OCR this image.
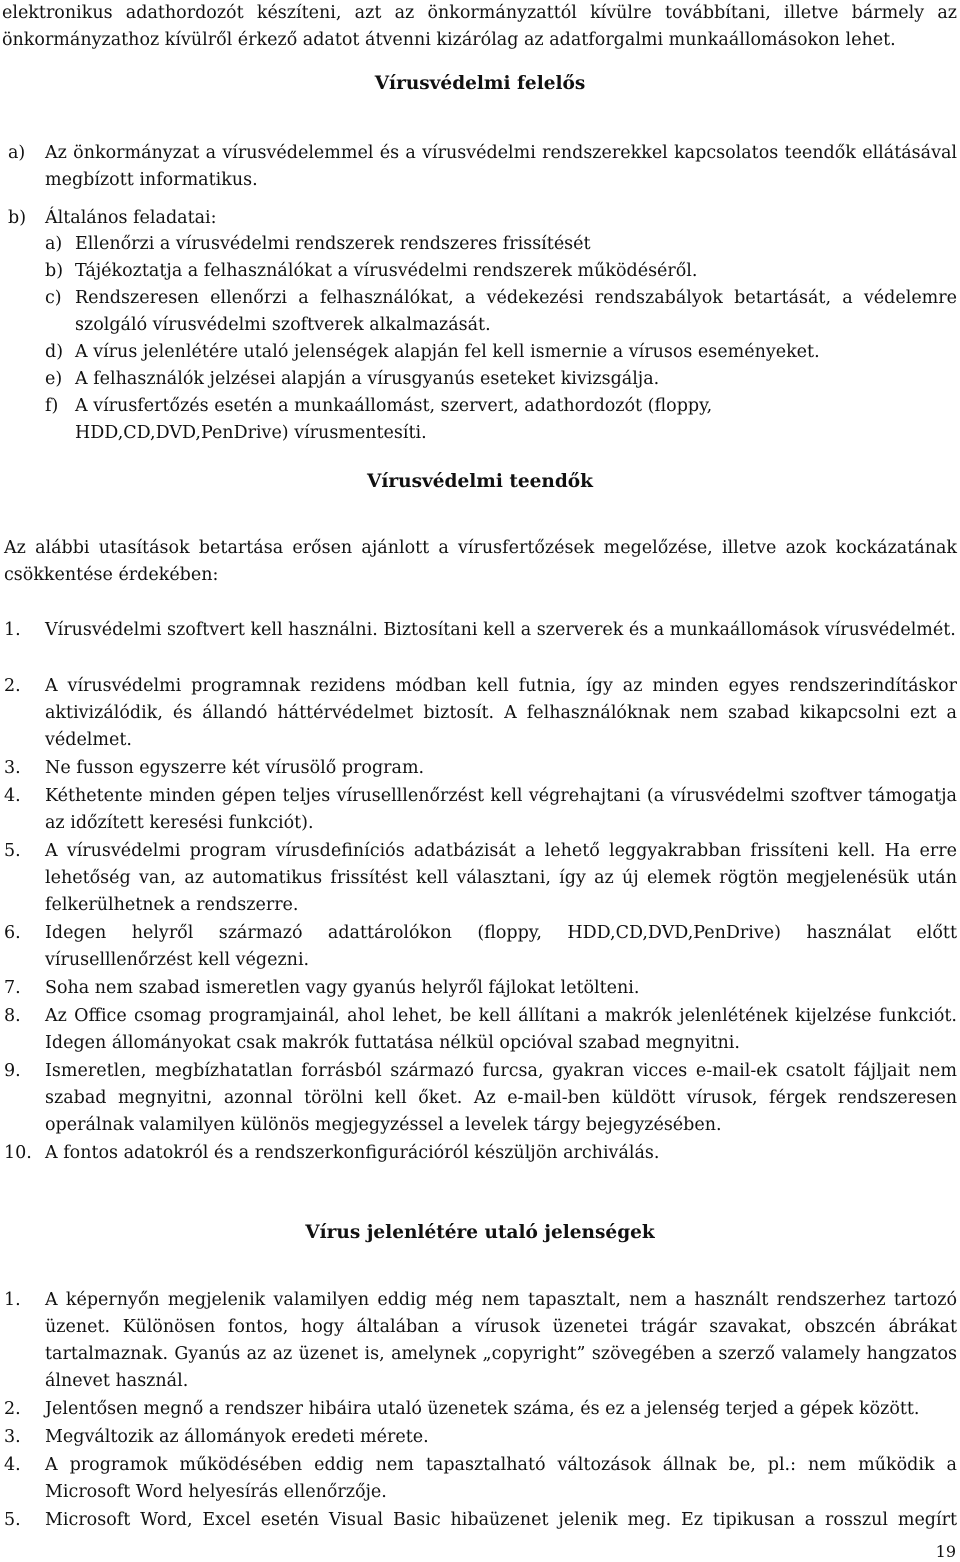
elektronikus adathordozót készíteni, azt az önkormányzattól kívülre továbbítani, illetve bármely az
önkormányzathoz kívülről érkező adatot átvenni kizárólag az adatforgalmi munkaállomásokon lehet.
Vírusvédelmi felelős
a) Az önkormányzat a vírusvédelemmel és a vírusvédelmi rendszerekkel kapcsolatos teendők ellátásával megbízott informatikus.
b) Általános feladatai:
a) Ellenőrzi a vírusvédelmi rendszerek rendszeres frissítését
b) Tájékoztatja a felhasználókat a vírusvédelmi rendszerek működéséről.
c) Rendszeresen ellenőrzi a felhasználókat, a védekezési rendszabályok betartását, a védelemre szolgáló vírusvédelmi szoftverek alkalmazását.
d) A vírus jelenlétére utaló jelenségek alapján fel kell ismernie a vírusos eseményeket.
e) A felhasználók jelzései alapján a vírusgyanús eseteket kivizsgálja.
f) A vírusfertőzés esetén a munkaállomást, szervert, adathordozót (floppy, HDD,CD,DVD,PenDrive) vírusmentesíti.
Vírusvédelmi teendők
Az alábbi utasítások betartása erősen ajánlott a vírusfertőzések megelőzése, illetve azok kockázatának csökkentése érdekében:
1. Vírusvédelmi szoftvert kell használni. Biztosítani kell a szerverek és a munkaállomások vírusvédelmét.
2. A vírusvédelmi programnak rezidens módban kell futnia, így az minden egyes rendszerindításkor aktivizálódik, és állandó háttérvédelmet biztosít. A felhasználóknak nem szabad kikapcsolni ezt a védelmet.
3. Ne fusson egyszerre két vírusölő program.
4. Kéthetente minden gépen teljes víruselllenőrzést kell végrehajtani (a vírusvédelmi szoftver támogatja az időzített keresési funkciót).
5. A vírusvédelmi program vírusdefiníciós adatbázisát a lehető leggyakrabban frissíteni kell. Ha erre lehetőség van, az automatikus frissítést kell választani, így az új elemek rögtön megjelenésük után felkerülhetnek a rendszerre.
6. Idegen helyről származó adattárolókon (floppy, HDD,CD,DVD,PenDrive) használat előtt víruselllenőrzést kell végezni.
7. Soha nem szabad ismeretlen vagy gyanús helyről fájlokat letölteni.
8. Az Office csomag programjainál, ahol lehet, be kell állítani a makrók jelenlétének kijelzése funkciót. Idegen állományokat csak makrók futtatása nélkül opcióval szabad megnyitni.
9. Ismeretlen, megbízhatatlan forrásból származó furcsa, gyakran vicces e-mail-ek csatolt fájljait nem szabad megnyitni, azonnal törölni kell őket. Az e-mail-ben küldött vírusok, férgek rendszeresen operálnak valamilyen különös megjegyzéssel a levelek tárgy bejegyzésében.
10. A fontos adatokról és a rendszerkonfigurációról készüljön archiválás.
Vírus jelenlétére utaló jelenségek
1. A képernyőn megjelenik valamilyen eddig még nem tapasztalt, nem a használt rendszerhez tartozó üzenet. Különösen fontos, hogy általában a vírusok üzenetei trágár szavakat, obszcén ábrákat tartalmaznak. Gyanús az az üzenet is, amelynek „copyright” szövegében a szerző valamely hangzatos álnevet használ.
2. Jelentősen megnő a rendszer hibáira utaló üzenetek száma, és ez a jelenség terjed a gépek között.
3. Megváltozik az állományok eredeti mérete.
4. A programok működésében eddig nem tapasztalható változások állnak be, pl.: nem működik a Microsoft Word helyesírás ellenőrzője.
5. Microsoft Word, Excel esetén Visual Basic hibaüzenet jelenik meg. Ez tipikusan a rosszul megírt
19
